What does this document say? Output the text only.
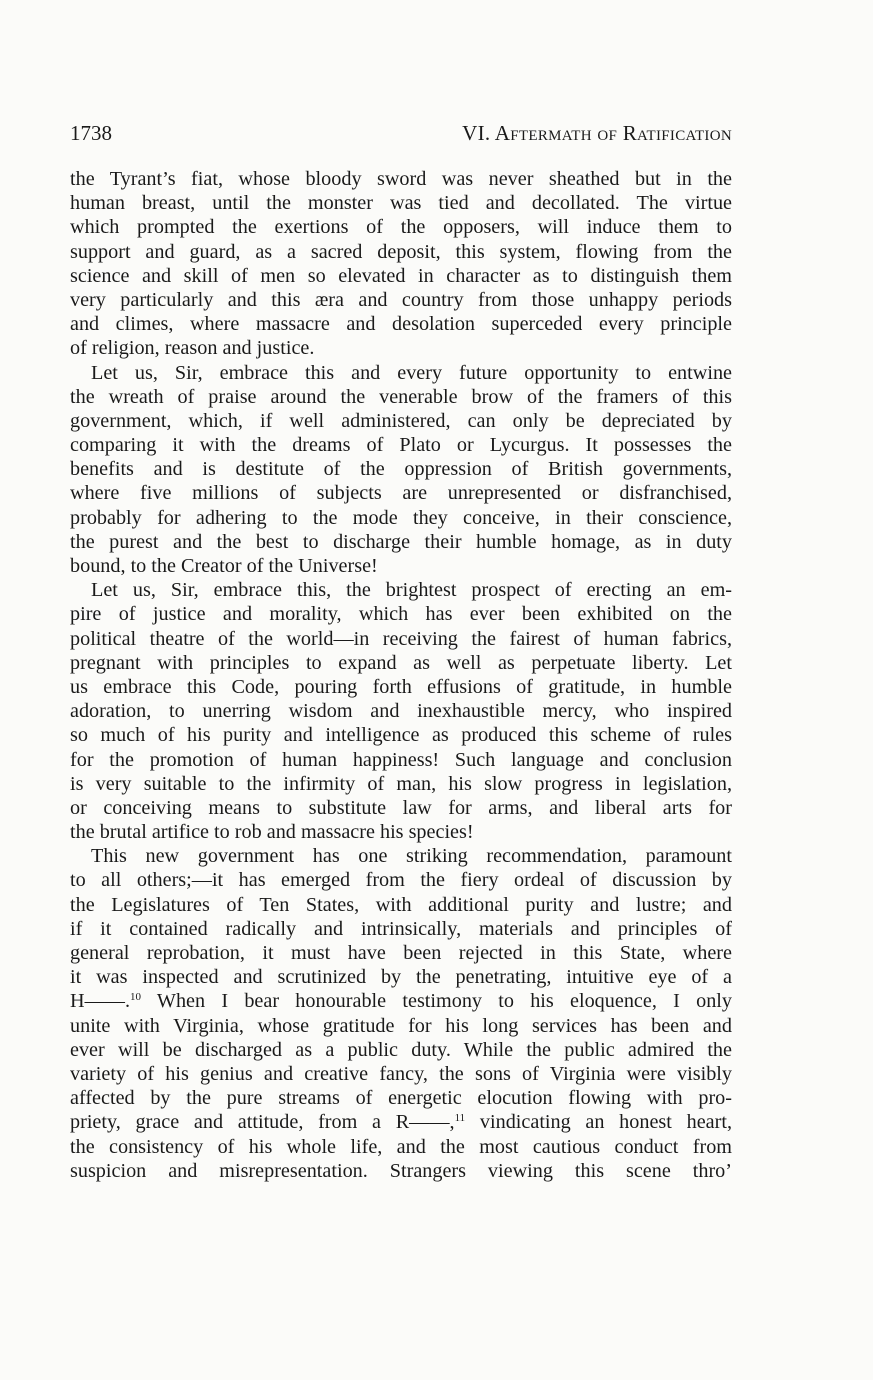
1738	VI. Aftermath of Ratification
the Tyrant’s fiat, whose bloody sword was never sheathed but in the
human breast, until the monster was tied and decollated. The virtue
which prompted the exertions of the opposers, will induce them to
support and guard, as a sacred deposit, this system, flowing from the
science and skill of men so elevated in character as to distinguish them
very particularly and this æra and country from those unhappy periods
and climes, where massacre and desolation superceded every principle
of religion, reason and justice.
Let us, Sir, embrace this and every future opportunity to entwine
the wreath of praise around the venerable brow of the framers of this
government, which, if well administered, can only be depreciated by
comparing it with the dreams of Plato or Lycurgus. It possesses the
benefits and is destitute of the oppression of British governments,
where five millions of subjects are unrepresented or disfranchised,
probably for adhering to the mode they conceive, in their conscience,
the purest and the best to discharge their humble homage, as in duty
bound, to the Creator of the Universe!
Let us, Sir, embrace this, the brightest prospect of erecting an em-
pire of justice and morality, which has ever been exhibited on the
political theatre of the world—in receiving the fairest of human fabrics,
pregnant with principles to expand as well as perpetuate liberty. Let
us embrace this Code, pouring forth effusions of gratitude, in humble
adoration, to unerring wisdom and inexhaustible mercy, who inspired
so much of his purity and intelligence as produced this scheme of rules
for the promotion of human happiness! Such language and conclusion
is very suitable to the infirmity of man, his slow progress in legislation,
or conceiving means to substitute law for arms, and liberal arts for
the brutal artifice to rob and massacre his species!
This new government has one striking recommendation, paramount
to all others;—it has emerged from the fiery ordeal of discussion by
the Legislatures of Ten States, with additional purity and lustre; and
if it contained radically and intrinsically, materials and principles of
general reprobation, it must have been rejected in this State, where
it was inspected and scrutinized by the penetrating, intuitive eye of a
H——.$^{10}$ When I bear honourable testimony to his eloquence, I only
unite with Virginia, whose gratitude for his long services has been and
ever will be discharged as a public duty. While the public admired the
variety of his genius and creative fancy, the sons of Virginia were visibly
affected by the pure streams of energetic elocution flowing with pro-
priety, grace and attitude, from a R——,$^{11}$ vindicating an honest heart,
the consistency of his whole life, and the most cautious conduct from
suspicion and misrepresentation. Strangers viewing this scene thro’
